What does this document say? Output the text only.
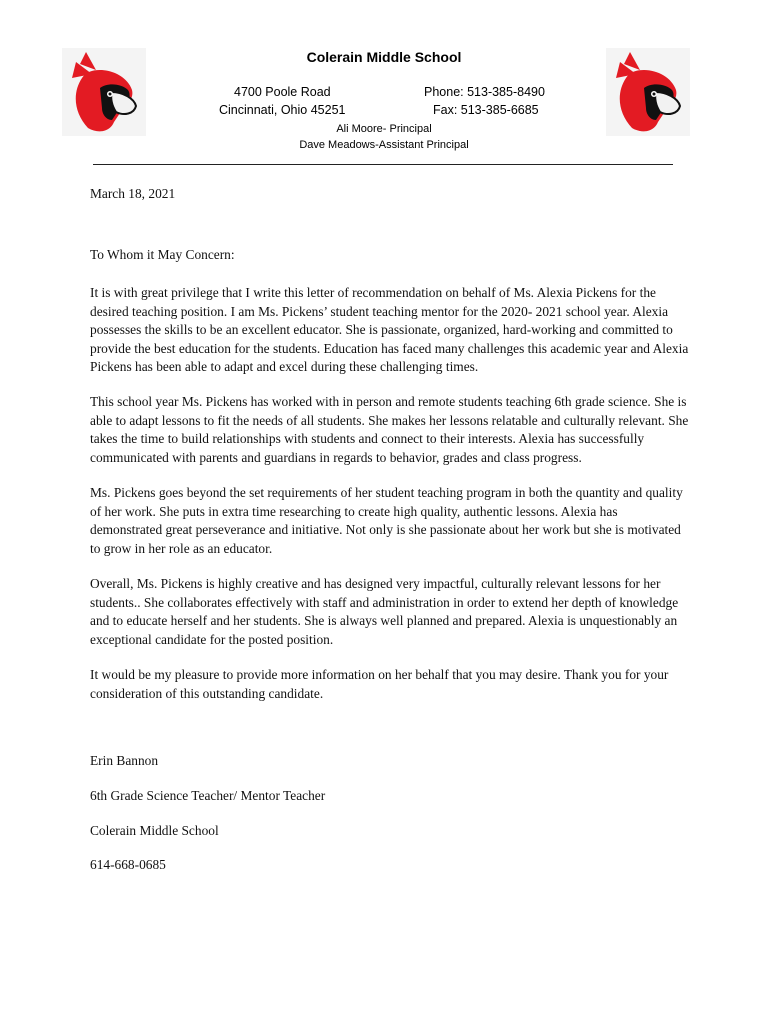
Colerain Middle School
4700 Poole Road
Cincinnati, Ohio 45251
Phone: 513-385-8490
Fax: 513-385-6685
Ali Moore- Principal
Dave Meadows-Assistant Principal
March 18, 2021
To Whom it May Concern:

It is with great privilege that I write this letter of recommendation on behalf of Ms. Alexia Pickens for the desired teaching position. I am Ms. Pickens’ student teaching mentor for the 2020- 2021 school year. Alexia possesses the skills to be an excellent educator. She is passionate, organized, hard-working and committed to provide the best education for the students. Education has faced many challenges this academic year and Alexia Pickens has been able to adapt and excel during these challenging times.

This school year Ms. Pickens has worked with in person and remote students teaching 6th grade science. She is able to adapt lessons to fit the needs of all students. She makes her lessons relatable and culturally relevant. She takes the time to build relationships with students and connect to their interests. Alexia has successfully communicated with parents and guardians in regards to behavior, grades and class progress.

Ms. Pickens goes beyond the set requirements of her student teaching program in both the quantity and quality of her work. She puts in extra time researching to create high quality, authentic lessons. Alexia has demonstrated great perseverance and initiative. Not only is she passionate about her work but she is motivated to grow in her role as an educator.

Overall, Ms. Pickens is highly creative and has designed very impactful, culturally relevant lessons for her students.. She collaborates effectively with staff and administration in order to extend her depth of knowledge and to educate herself and her students. She is always well planned and prepared. Alexia is unquestionably an exceptional candidate for the posted position.

It would be my pleasure to provide more information on her behalf that you may desire. Thank you for your consideration of this outstanding candidate.

Erin Bannon
6th Grade Science Teacher/ Mentor Teacher
Colerain Middle School
614-668-0685
